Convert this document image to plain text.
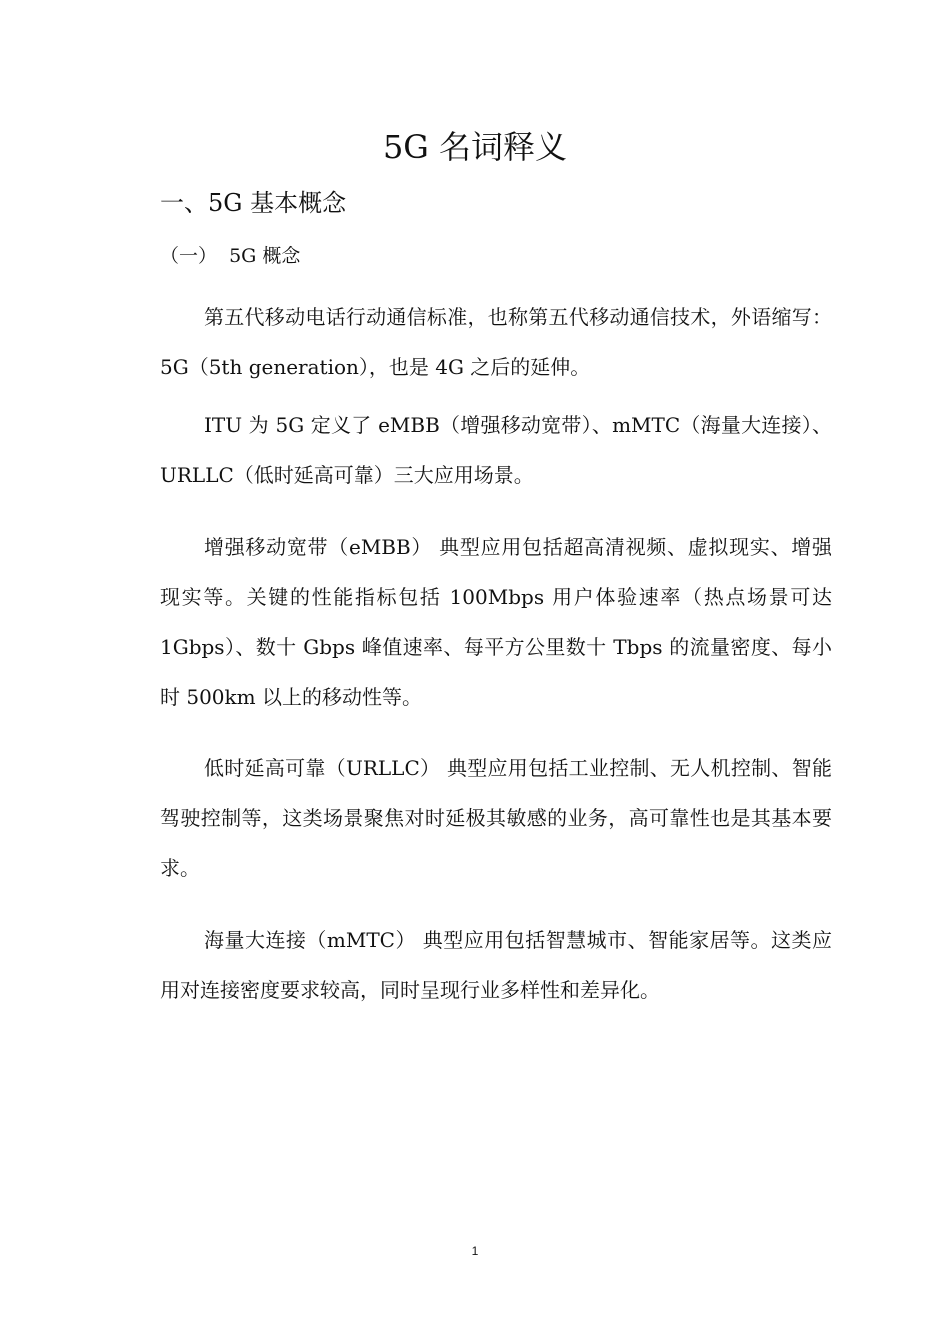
5G 名词释义
一、5G 基本概念
（一）  5G 概念

第五代移动电话行动通信标准，也称第五代移动通信技术，外语缩写：5G（5th generation），也是 4G 之后的延伸。

ITU 为 5G 定义了 eMBB（增强移动宽带）、mMTC（海量大连接）、URLLC（低时延高可靠）三大应用场景。

增强移动宽带（eMBB） 典型应用包括超高清视频、虚拟现实、增强现实等。关键的性能指标包括 100Mbps 用户体验速率（热点场景可达 1Gbps）、数十 Gbps 峰值速率、每平方公里数十 Tbps 的流量密度、每小时 500km 以上的移动性等。

低时延高可靠（URLLC） 典型应用包括工业控制、无人机控制、智能驾驶控制等，这类场景聚焦对时延极其敏感的业务，高可靠性也是其基本要求。

海量大连接（mMTC） 典型应用包括智慧城市、智能家居等。这类应用对连接密度要求较高，同时呈现行业多样性和差异化。

1
